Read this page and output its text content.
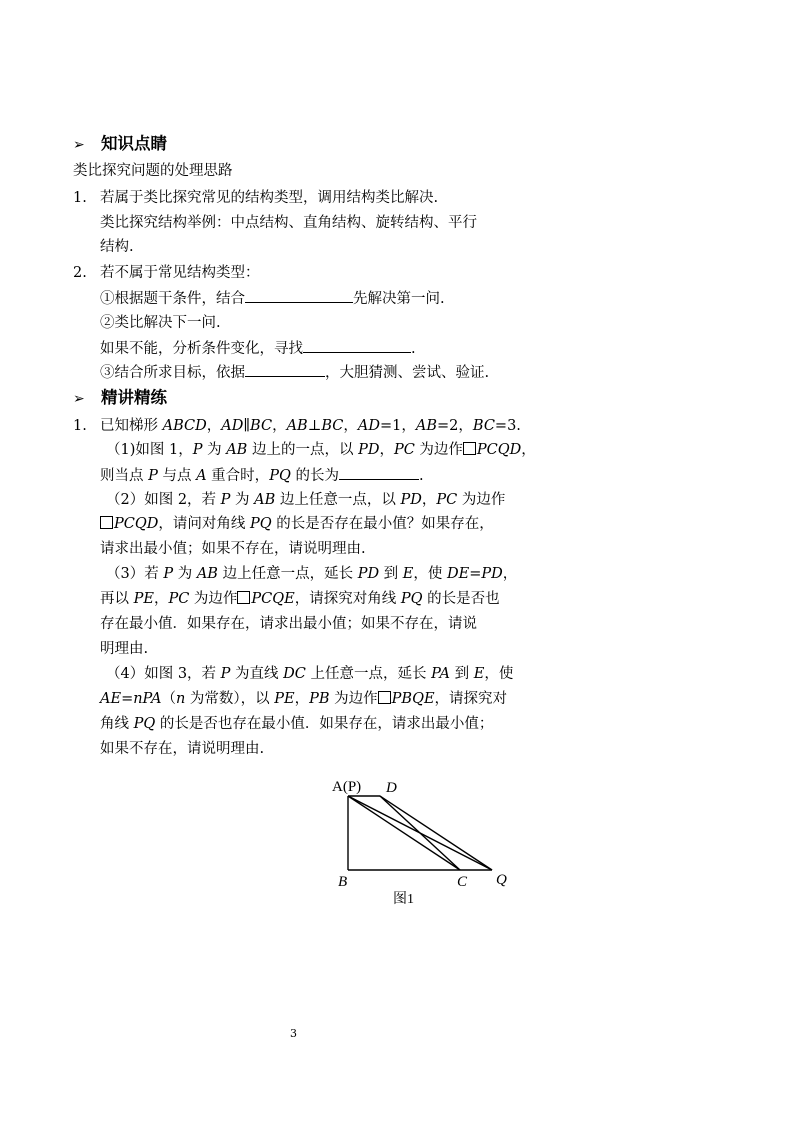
➢ 知识点睛
类比探究问题的处理思路
1. 若属于类比探究常见的结构类型，调用结构类比解决.
类比探究结构举例：中点结构、直角结构、旋转结构、平行
结构.
2. 若不属于常见结构类型：
①根据题干条件，结合	先解决第一问.
②类比解决下一问.
如果不能，分析条件变化，寻找	.
③结合所求目标，依据	，大胆猜测、尝试、验证.
➢ 精讲精练
1. 已知梯形 ABCD，AD∥BC，AB⊥BC，AD=1，AB=2，BC=3.
（1)如图 1，P 为 AB 边上的一点，以 PD，PC 为边作 PCQD，
则当点 P 与点 A 重合时，PQ 的长为	.
（2）如图 2，若 P 为 AB 边上任意一点，以 PD，PC 为边作
PCQD，请问对角线 PQ 的长是否存在最小值？如果存在，
请求出最小值；如果不存在，请说明理由.
（3）若 P 为 AB 边上任意一点，延长 PD 到 E，使 DE=PD，
再以 PE，PC 为边作 PCQE，请探究对角线 PQ 的长是否也
存在最小值．如果存在，请求出最小值；如果不存在，请说
明理由.
（4）如图 3，若 P 为直线 DC 上任意一点，延长 PA 到 E，使
AE=nPA（n 为常数），以 PE，PB 为边作 PBQE，请探究对
角线 PQ 的长是否也存在最小值．如果存在，请求出最小值；
如果不存在，请说明理由.
A(P) D
B	C Q
图1
3
